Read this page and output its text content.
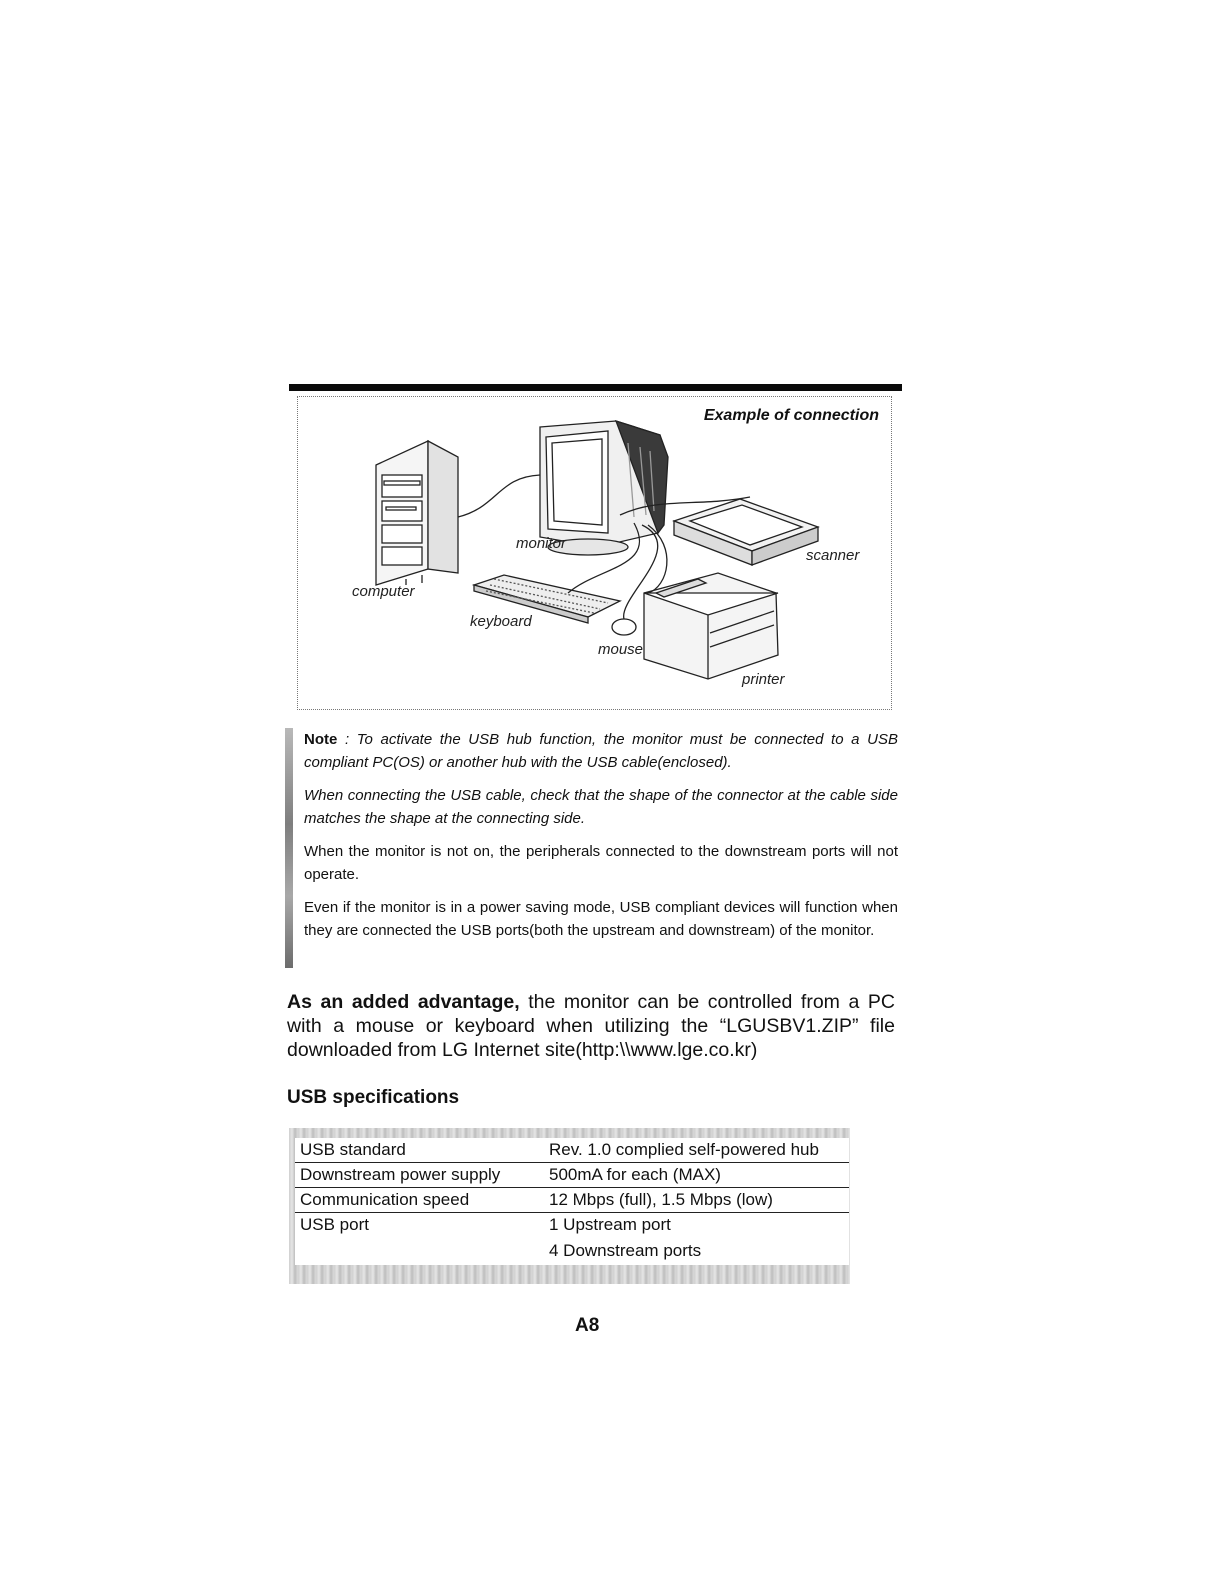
Example of connection
monitor
scanner
computer
keyboard
mouse
printer

Note : To activate the USB hub function, the monitor must be connected to a USB compliant PC(OS) or another hub with the USB cable(enclosed).

When connecting the USB cable, check that the shape of the connector at the cable side matches the shape at the connecting side.

When the monitor is not on, the peripherals connected to the downstream ports will not operate.

Even if the monitor is in a power saving mode, USB compliant devices will function when they are connected the USB ports(both the upstream and downstream) of the monitor.

As an added advantage, the monitor can be controlled from a PC with a mouse or keyboard when utilizing the “LGUSBV1.ZIP” file downloaded from LG Internet site(http:\\www.lge.co.kr)
USB specifications
USB standard	Rev. 1.0 complied self-powered hub
Downstream power supply	500mA for each (MAX)
Communication speed	12 Mbps (full), 1.5 Mbps (low)
USB port	1 Upstream port
4 Downstream ports
A8
